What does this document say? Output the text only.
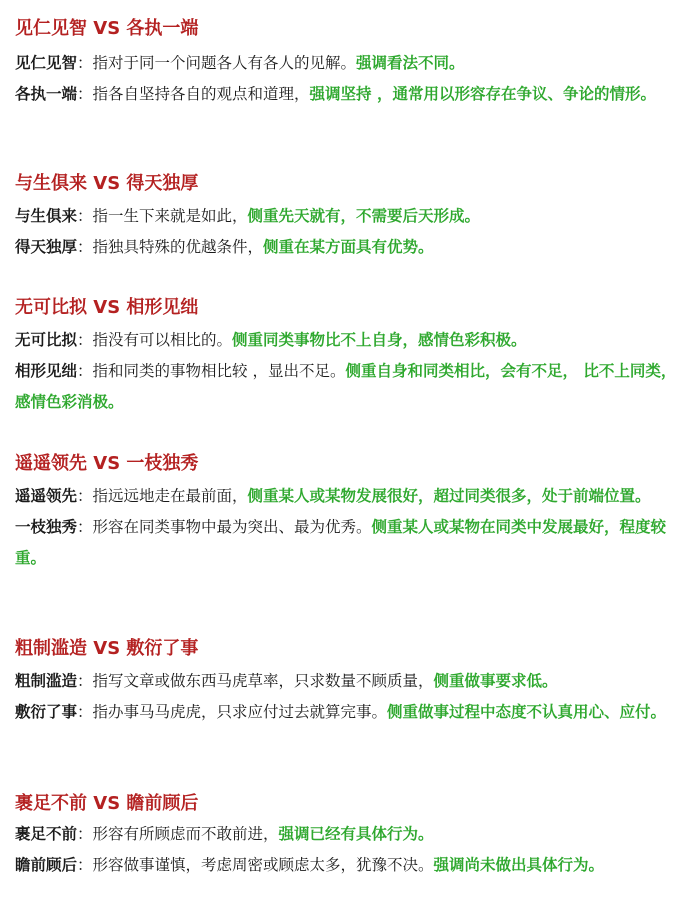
见仁见智 VS 各执一端

见仁见智：指对于同一个问题各人有各人的见解。强调看法不同。

各执一端：指各自坚持各自的观点和道理，强调坚持 ，通常用以形容存在争议、争论的情形。

与生俱来 VS 得天独厚

与生俱来：指一生下来就是如此，侧重先天就有，不需要后天形成。

得天独厚：指独具特殊的优越条件，侧重在某方面具有优势。

无可比拟 VS 相形见绌

无可比拟：指没有可以相比的。侧重同类事物比不上自身，感情色彩积极。

相形见绌：指和同类的事物相比较 ，显出不足。侧重自身和同类相比，会有不足， 比不上同类，感情色彩消极。

遥遥领先 VS 一枝独秀

遥遥领先：指远远地走在最前面，侧重某人或某物发展很好，超过同类很多，处于前端位置。

一枝独秀：形容在同类事物中最为突出、最为优秀。侧重某人或某物在同类中发展最好，程度较重。

粗制滥造 VS 敷衍了事

粗制滥造：指写文章或做东西马虎草率，只求数量不顾质量，侧重做事要求低。

敷衍了事：指办事马马虎虎，只求应付过去就算完事。侧重做事过程中态度不认真用心、应付。

裹足不前 VS 瞻前顾后

裹足不前：形容有所顾虑而不敢前进，强调已经有具体行为。

瞻前顾后：形容做事谨慎，考虑周密或顾虑太多，犹豫不决。强调尚未做出具体行为。
